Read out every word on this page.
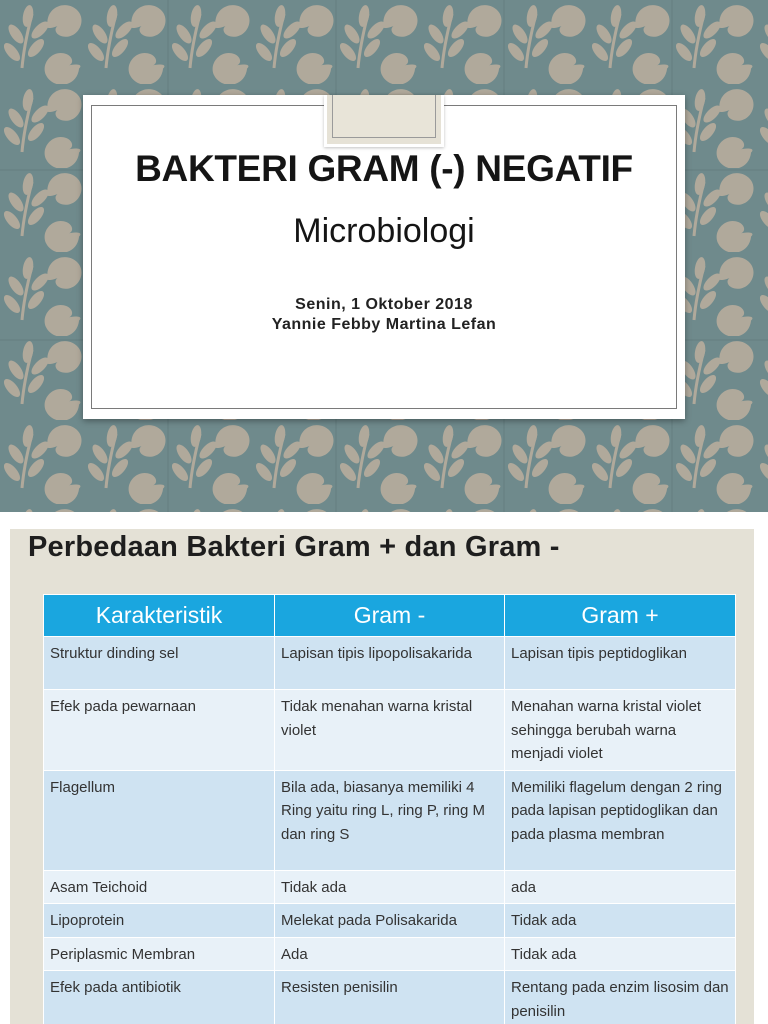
BAKTERI GRAM (-) NEGATIF
Microbiologi
Senin, 1 Oktober 2018
Yannie Febby Martina Lefan
Perbedaan Bakteri Gram + dan Gram -
Karakteristik	Gram -	Gram +
Struktur dinding sel	Lapisan tipis lipopolisakarida	Lapisan tipis peptidoglikan
Efek pada pewarnaan	Tidak menahan warna kristal violet	Menahan warna kristal violet sehingga berubah warna menjadi violet
Flagellum	Bila ada, biasanya memiliki 4 Ring yaitu ring L, ring P, ring M dan ring S	Memiliki flagelum dengan 2 ring pada lapisan peptidoglikan dan pada plasma membran
Asam Teichoid	Tidak ada	ada
Lipoprotein	Melekat pada Polisakarida	Tidak ada
Periplasmic Membran	Ada	Tidak ada
Efek pada antibiotik	Resisten penisilin	Rentang pada enzim lisosim dan penisilin
